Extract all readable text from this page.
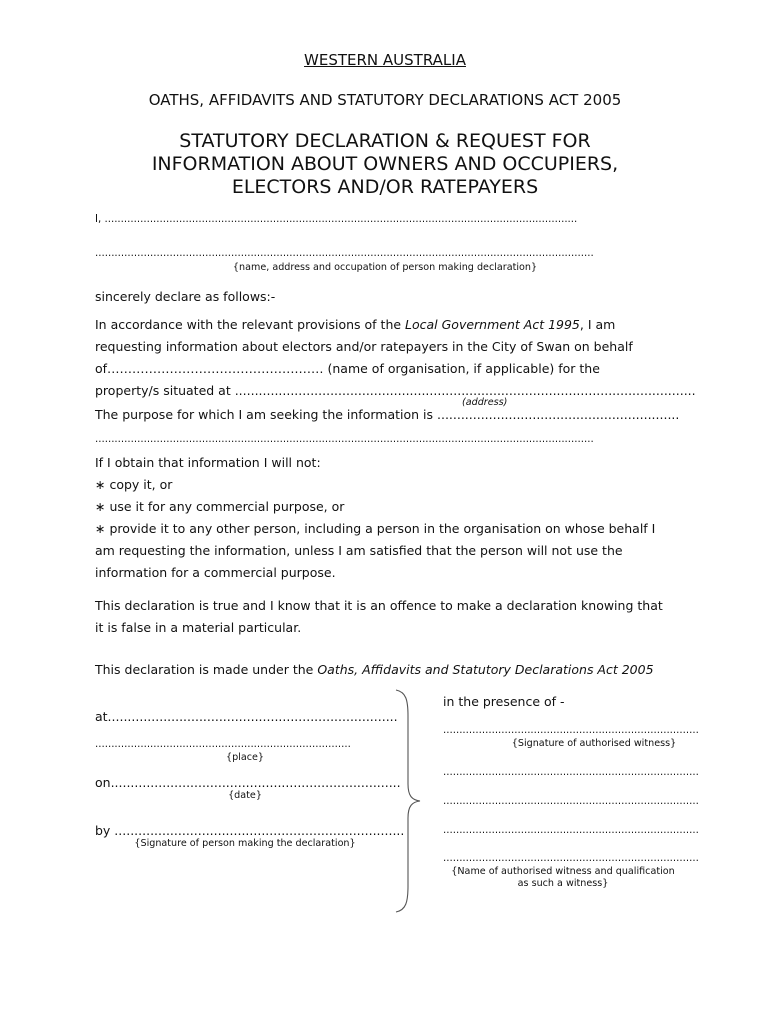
WESTERN AUSTRALIA
OATHS, AFFIDAVITS AND STATUTORY DECLARATIONS ACT 2005
STATUTORY DECLARATION & REQUEST FOR
INFORMATION ABOUT OWNERS AND OCCUPIERS,
ELECTORS AND/OR RATEPAYERS
I, ..................................................................................................................................................
..........................................................................................................................................................
{name, address and occupation of person making declaration}
sincerely declare as follows:-
In accordance with the relevant provisions of the Local Government Act 1995, I am
requesting information about electors and/or ratepayers in the City of Swan on behalf
of……………………………………….…… (name of organisation, if applicable) for the
property/s situated at ....................................................................................................................
(address)
The purpose for which I am seeking the information is .............................................................
..........................................................................................................................................................
If I obtain that information I will not:
∗ copy it, or
∗ use it for any commercial purpose, or
∗ provide it to any other person, including a person in the organisation on whose behalf I
am requesting the information, unless I am satisfied that the person will not use the
information for a commercial purpose.
This declaration is true and I know that it is an offence to make a declaration knowing that
it is false in a material particular.
This declaration is made under the Oaths, Affidavits and Statutory Declarations Act 2005
at.........................................................................
...............................................................................
{place}
on.........................................................................
{date}
by .........................................................................
{Signature of person making the declaration}
in the presence of -
...............................................................................
{Signature of authorised witness}
...............................................................................
...............................................................................
...............................................................................
...............................................................................
{Name of authorised witness and qualification
as such a witness}
